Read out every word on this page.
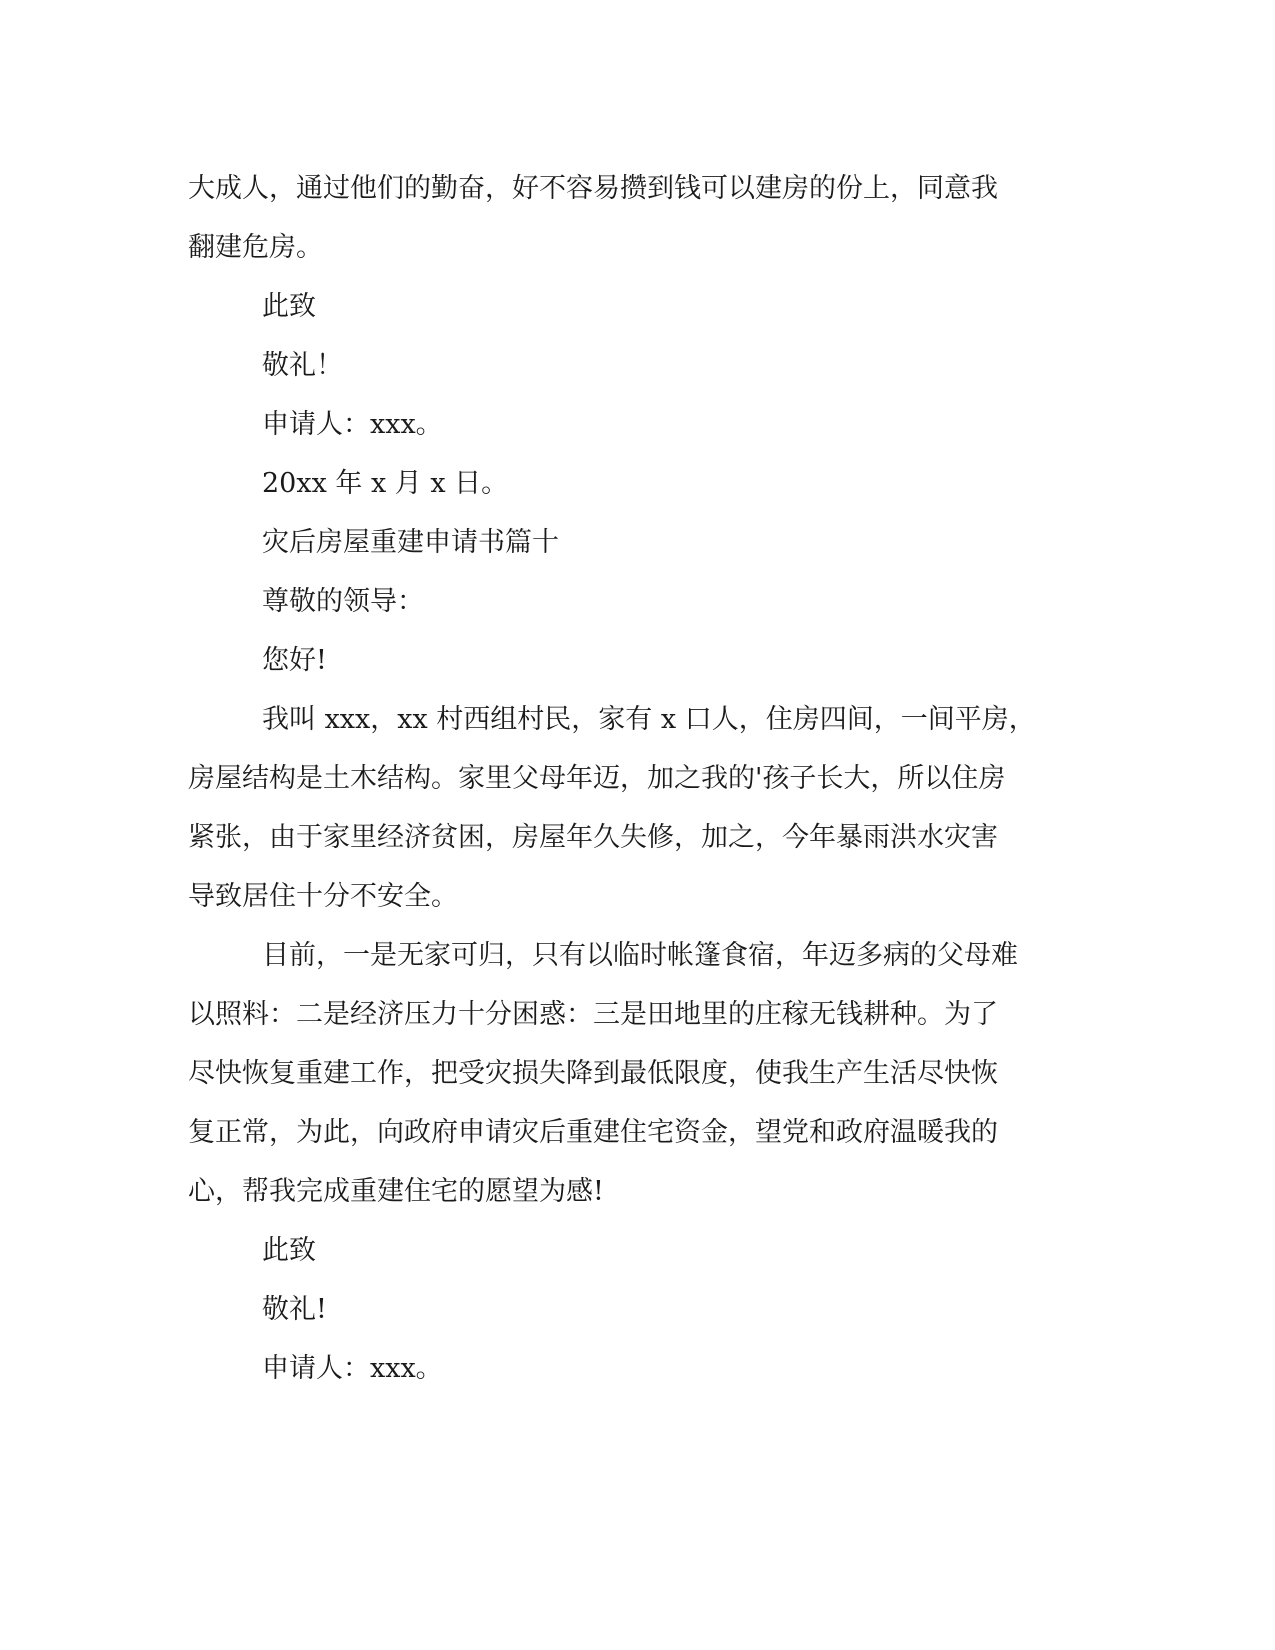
大成人，通过他们的勤奋，好不容易攒到钱可以建房的份上，同意我
翻建危房。
此致
敬礼！
申请人：xxx。
20xx 年 x 月 x 日。
灾后房屋重建申请书篇十
尊敬的领导：
您好!
我叫 xxx，xx 村西组村民，家有 x 口人，住房四间，一间平房，
房屋结构是土木结构。家里父母年迈，加之我的'孩子长大，所以住房
紧张，由于家里经济贫困，房屋年久失修，加之，今年暴雨洪水灾害
导致居住十分不安全。
目前，一是无家可归，只有以临时帐篷食宿，年迈多病的父母难
以照料：二是经济压力十分困惑：三是田地里的庄稼无钱耕种。为了
尽快恢复重建工作，把受灾损失降到最低限度，使我生产生活尽快恢
复正常，为此，向政府申请灾后重建住宅资金，望党和政府温暖我的
心，帮我完成重建住宅的愿望为感!
此致
敬礼!
申请人：xxx。
